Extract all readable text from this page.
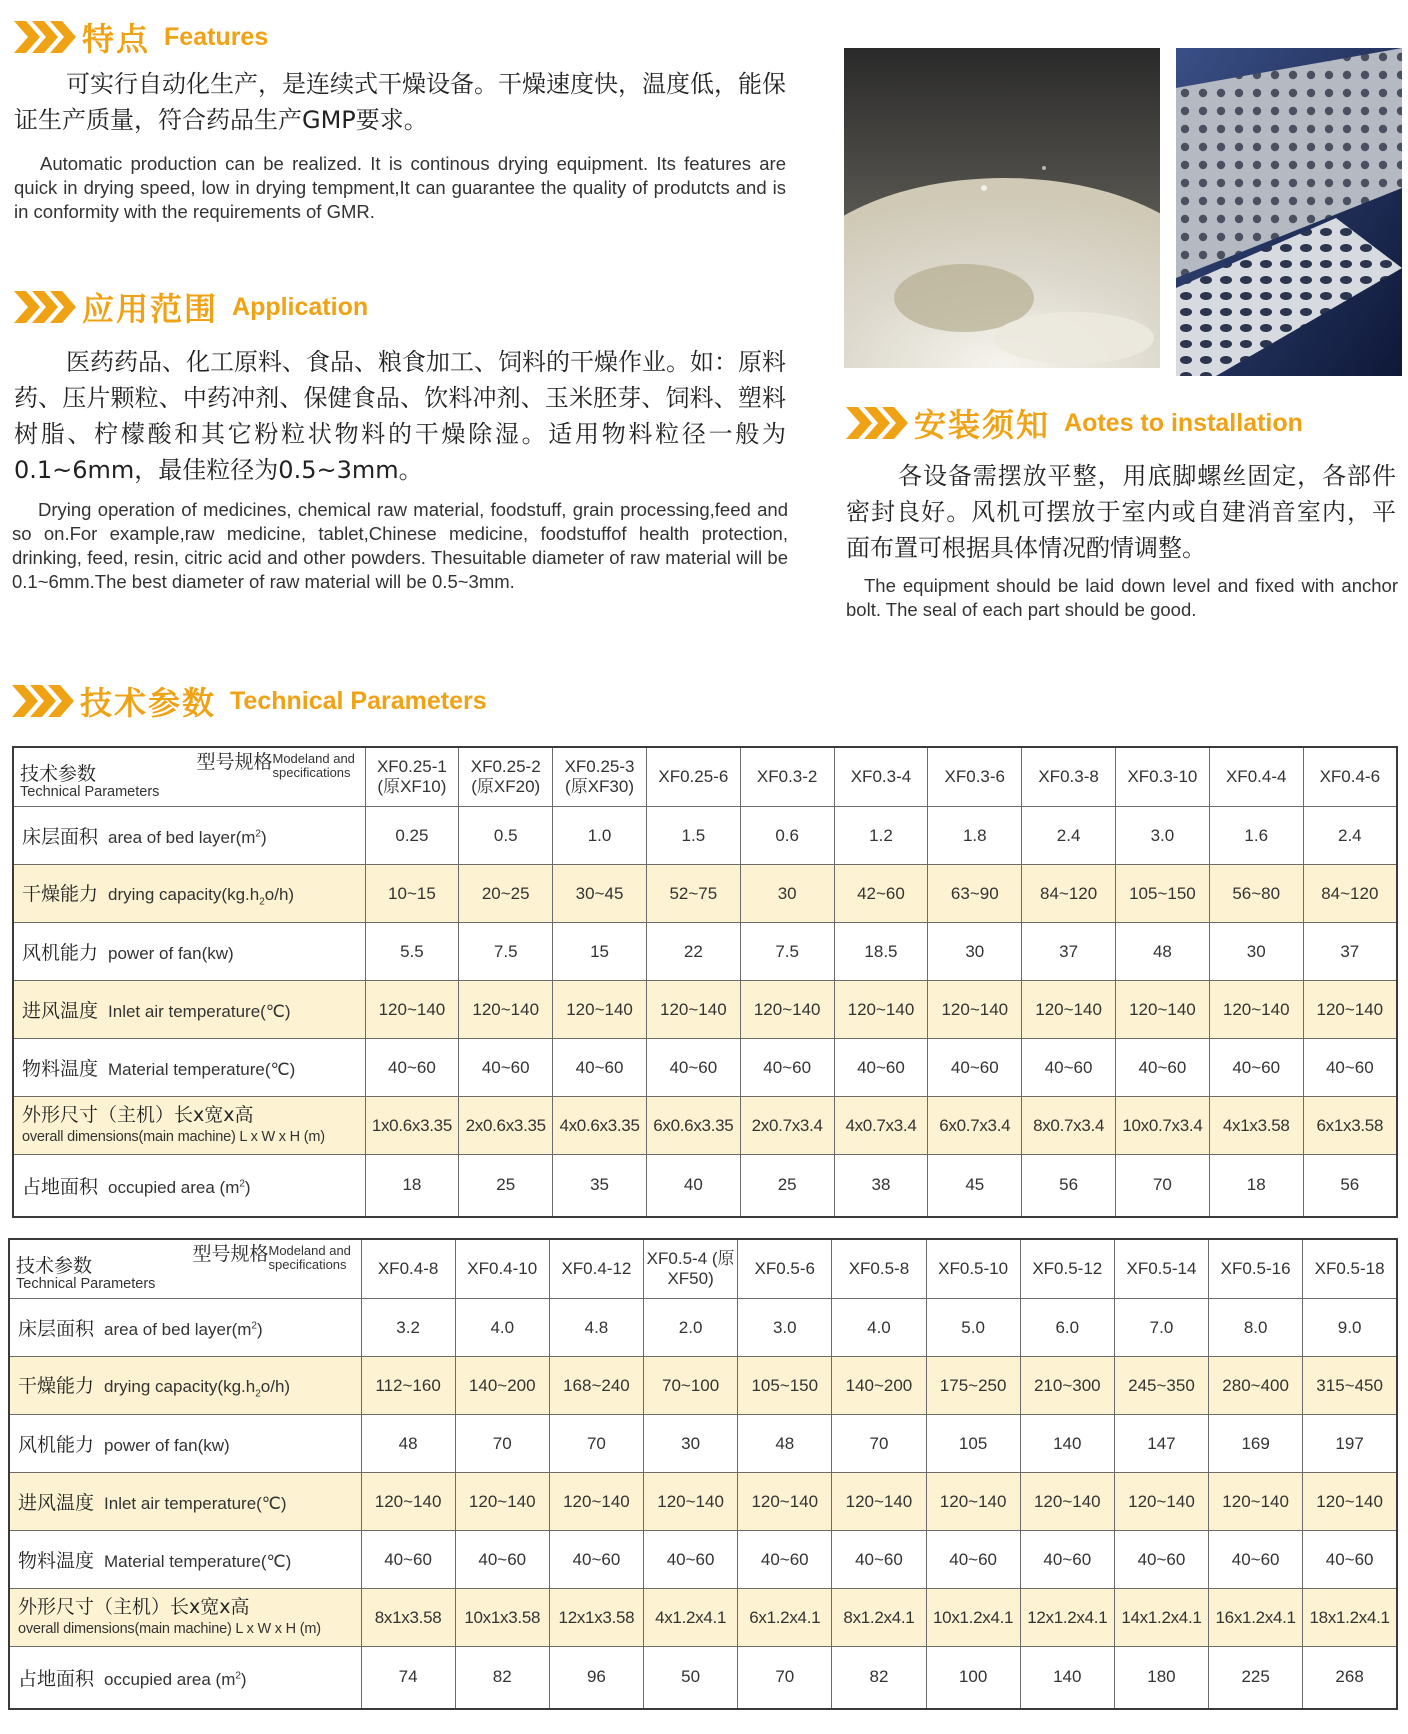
特点 Features

可实行自动化生产，是连续式干燥设备。干燥速度快，温度低，能保证生产质量，符合药品生产GMP要求。

Automatic production can be realized. It is continous drying equipment. Its features are quick in drying speed, low in drying tempment,It can guarantee the quality of produtcts and is in conformity with the requirements of GMR.

应用范围 Application

医药药品、化工原料、食品、粮食加工、饲料的干燥作业。如：原料药、压片颗粒、中药冲剂、保健食品、饮料冲剂、玉米胚芽、饲料、塑料树脂、柠檬酸和其它粉粒状物料的干燥除湿。适用物料粒径一般为0.1~6mm，最佳粒径为0.5~3mm。

Drying operation of medicines, chemical raw material, foodstuff, grain processing,feed and so on.For example,raw medicine, tablet,Chinese medicine, foodstuffof health protection, drinking, feed, resin, citric acid and other powders. Thesuitable diameter of raw material will be 0.1~6mm.The best diameter of raw material will be 0.5~3mm.

安装须知 Aotes to installation

各设备需摆放平整，用底脚螺丝固定，各部件密封良好。风机可摆放于室内或自建消音室内，平面布置可根据具体情况酌情调整。

The equipment should be laid down level and fixed with anchor bolt. The seal of each part should be good.

技术参数 Technical Parameters
型号规格 Modeland and specifications
技术参数
Technical Parameters	XF0.25-1 (原XF10)	XF0.25-2 (原XF20)	XF0.25-3 (原XF30)	XF0.25-6	XF0.3-2	XF0.3-4	XF0.3-6	XF0.3-8	XF0.3-10	XF0.4-4	XF0.4-6
床层面积 area of bed $layer(m^2)$	0.25	0.5	1.0	1.5	0.6	1.2	1.8	2.4	3.0	1.6	2.4
干燥能力 drying $capacity(kg.h_2o/h)$	10~15	20~25	30~45	52~75	30	42~60	63~90	84~120	105~150	56~80	84~120
风机能力 power of fan(kw)	5.5	7.5	15	22	7.5	18.5	30	37	48	30	37
进风温度 Inlet air temperature(℃)	120~140	120~140	120~140	120~140	120~140	120~140	120~140	120~140	120~140	120~140	120~140
物料温度 Material temperature(℃)	40~60	40~60	40~60	40~60	40~60	40~60	40~60	40~60	40~60	40~60	40~60

外形尺寸（主机）长x宽x高
overall dimensions(main machine) L x W x H (m)	1x0.6x3.35	2x0.6x3.35	4x0.6x3.35	6x0.6x3.35	2x0.7x3.4	4x0.7x3.4	6x0.7x3.4	8x0.7x3.4	10x0.7x3.4	4x1x3.58	6x1x3.58
占地面积 occupied area $(m^2)$	18	25	35	40	25	38	45	56	70	18	56
型号规格 Modeland and specifications
技术参数
Technical Parameters	XF0.4-8	XF0.4-10	XF0.4-12	XF0.5-4 (原XF50)	XF0.5-6	XF0.5-8	XF0.5-10	XF0.5-12	XF0.5-14	XF0.5-16	XF0.5-18
床层面积 area of bed $layer(m^2)$	3.2	4.0	4.8	2.0	3.0	4.0	5.0	6.0	7.0	8.0	9.0
干燥能力 drying $capacity(kg.h_2o/h)$	112~160	140~200	168~240	70~100	105~150	140~200	175~250	210~300	245~350	280~400	315~450
风机能力 power of fan(kw)	48	70	70	30	48	70	105	140	147	169	197
进风温度 Inlet air temperature(℃)	120~140	120~140	120~140	120~140	120~140	120~140	120~140	120~140	120~140	120~140	120~140
物料温度 Material temperature(℃)	40~60	40~60	40~60	40~60	40~60	40~60	40~60	40~60	40~60	40~60	40~60

外形尺寸（主机）长x宽x高
overall dimensions(main machine) L x W x H (m)	8x1x3.58	10x1x3.58	12x1x3.58	4x1.2x4.1	6x1.2x4.1	8x1.2x4.1	10x1.2x4.1	12x1.2x4.1	14x1.2x4.1	16x1.2x4.1	18x1.2x4.1
占地面积 occupied area $(m^2)$	74	82	96	50	70	82	100	140	180	225	268
